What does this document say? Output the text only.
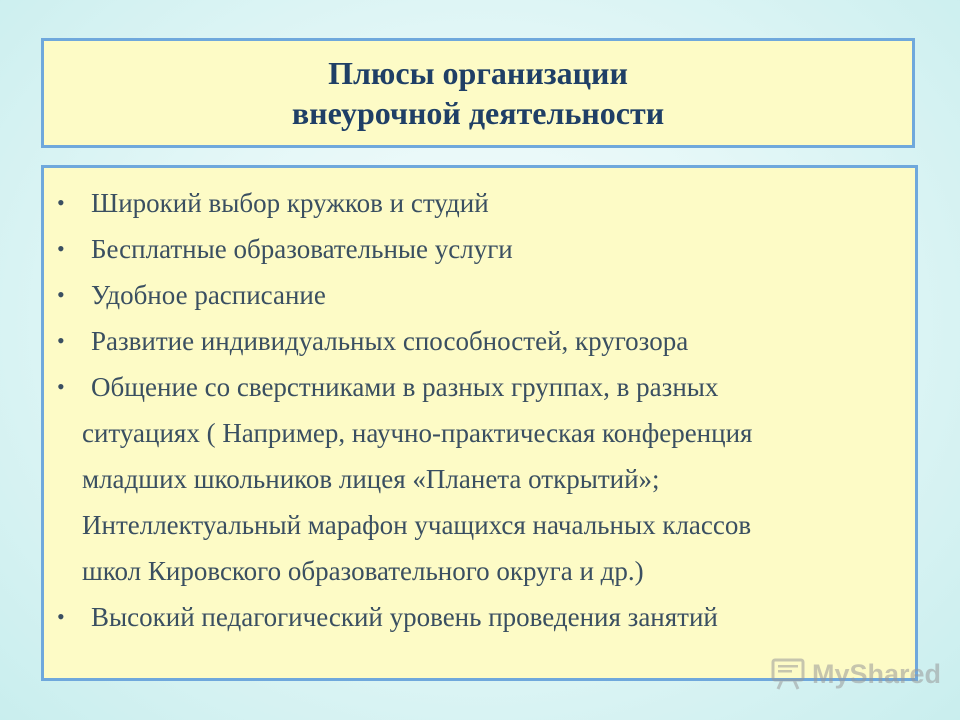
Плюсы организации
внеурочной деятельности
• Широкий выбор кружков и студий
• Бесплатные образовательные услуги
• Удобное расписание
• Развитие индивидуальных способностей, кругозора
• Общение со сверстниками в разных группах, в разных
ситуациях ( Например, научно-практическая конференция
младших школьников лицея «Планета открытий»;
Интеллектуальный марафон учащихся начальных классов
школ Кировского образовательного округа и др.)
• Высокий педагогический уровень проведения занятий
MyShared
